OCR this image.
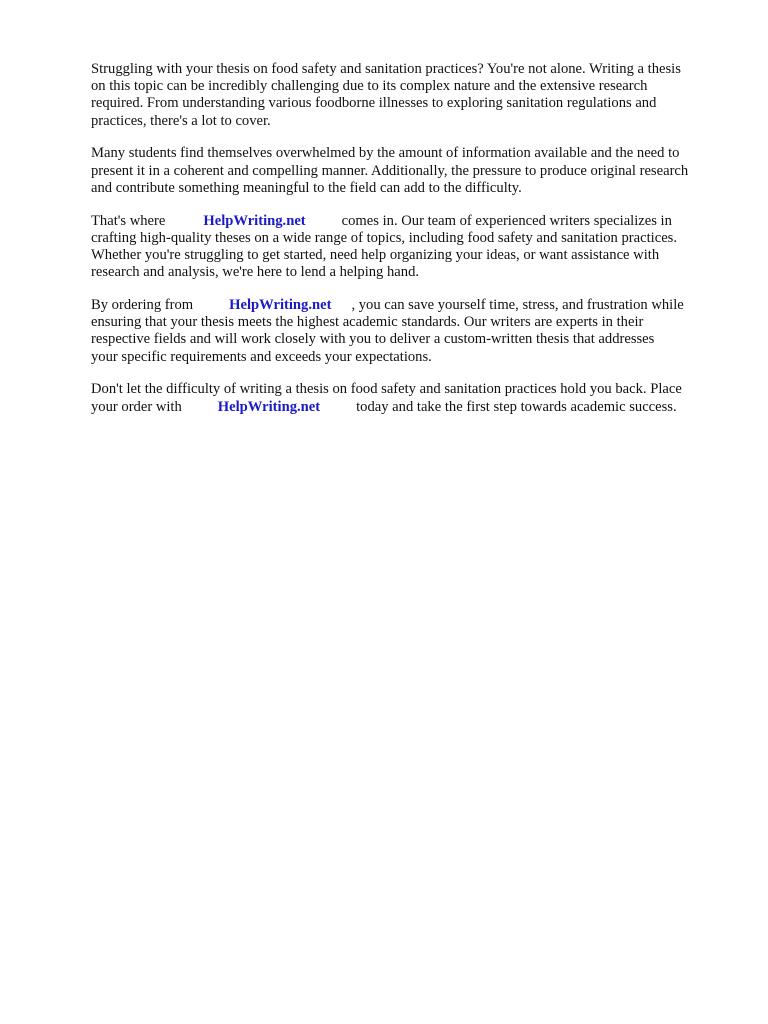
Struggling with your thesis on food safety and sanitation practices? You're not alone. Writing a thesis
on this topic can be incredibly challenging due to its complex nature and the extensive research
required. From understanding various foodborne illnesses to exploring sanitation regulations and
practices, there's a lot to cover.

Many students find themselves overwhelmed by the amount of information available and the need to
present it in a coherent and compelling manner. Additionally, the pressure to produce original research
and contribute something meaningful to the field can add to the difficulty.

That's where	HelpWriting.net comes in. Our team of experienced writers specializes in
crafting high-quality theses on a wide range of topics, including food safety and sanitation practices.
Whether you're struggling to get started, need help organizing your ideas, or want assistance with
research and analysis, we're here to lend a helping hand.

By ordering from HelpWriting.net , you can save yourself time, stress, and frustration while
ensuring that your thesis meets the highest academic standards. Our writers are experts in their
respective fields and will work closely with you to deliver a custom-written thesis that addresses
your specific requirements and exceeds your expectations.

Don't let the difficulty of writing a thesis on food safety and sanitation practices hold you back. Place
your order with HelpWriting.net today and take the first step towards academic success.
